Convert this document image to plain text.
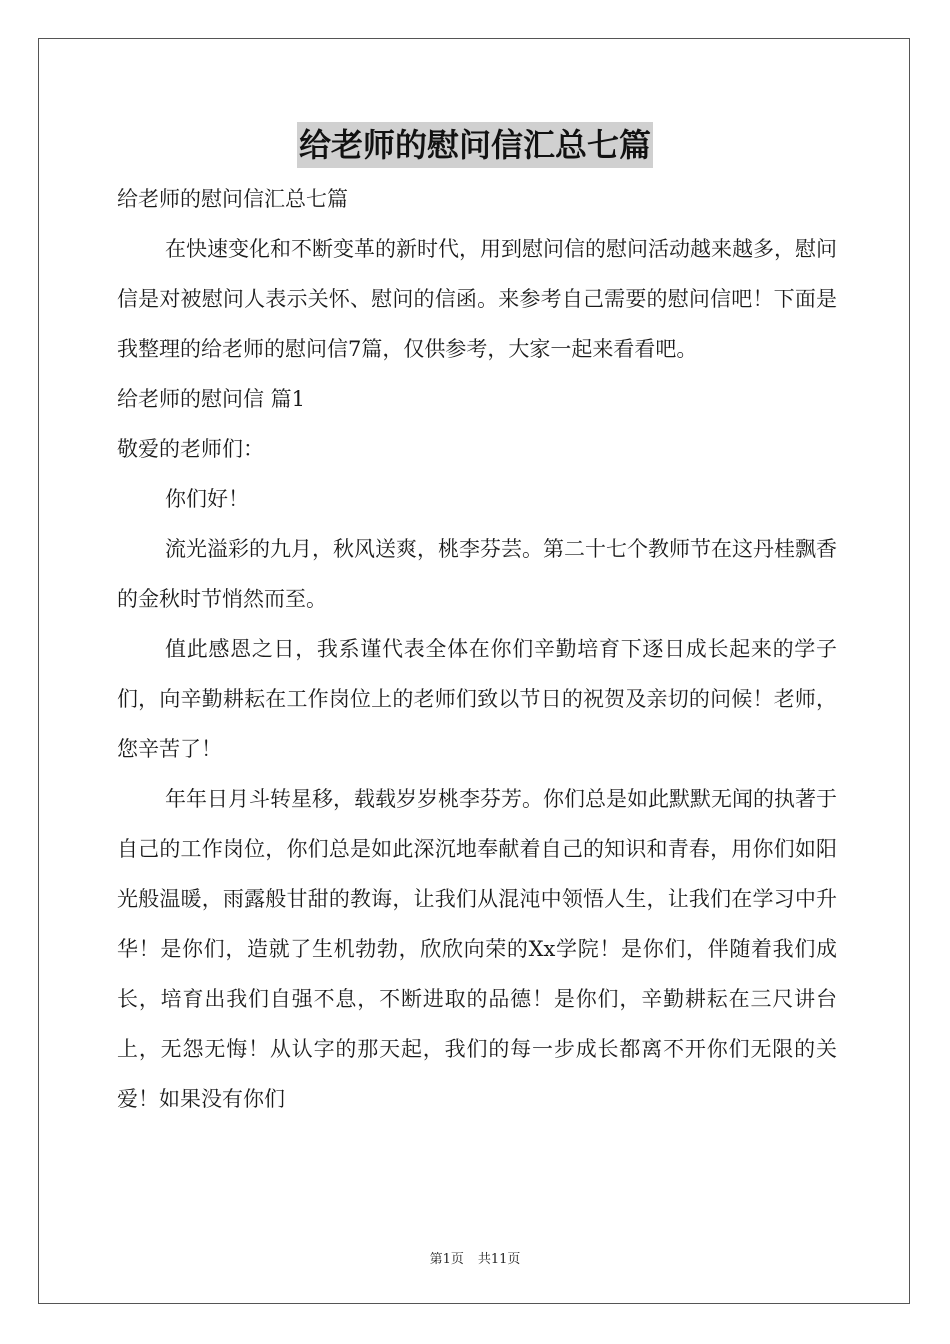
给老师的慰问信汇总七篇

给老师的慰问信汇总七篇

在快速变化和不断变革的新时代，用到慰问信的慰问活动越来越多，慰问信是对被慰问人表示关怀、慰问的信函。来参考自己需要的慰问信吧！下面是我整理的给老师的慰问信7篇，仅供参考，大家一起来看看吧。

给老师的慰问信 篇1

敬爱的老师们：

你们好！

流光溢彩的九月，秋风送爽，桃李芬芸。第二十七个教师节在这丹桂飘香的金秋时节悄然而至。

值此感恩之日，我系谨代表全体在你们辛勤培育下逐日成长起来的学子们，向辛勤耕耘在工作岗位上的老师们致以节日的祝贺及亲切的问候！老师，您辛苦了！

年年日月斗转星移，载载岁岁桃李芬芳。你们总是如此默默无闻的执著于自己的工作岗位，你们总是如此深沉地奉献着自己的知识和青春，用你们如阳光般温暖，雨露般甘甜的教诲，让我们从混沌中领悟人生，让我们在学习中升华！是你们，造就了生机勃勃，欣欣向荣的Xx学院！是你们，伴随着我们成长，培育出我们自强不息，不断进取的品德！是你们，辛勤耕耘在三尺讲台上，无怨无悔！从认字的那天起，我们的每一步成长都离不开你们无限的关爱！如果没有你们

第1页 共11页
